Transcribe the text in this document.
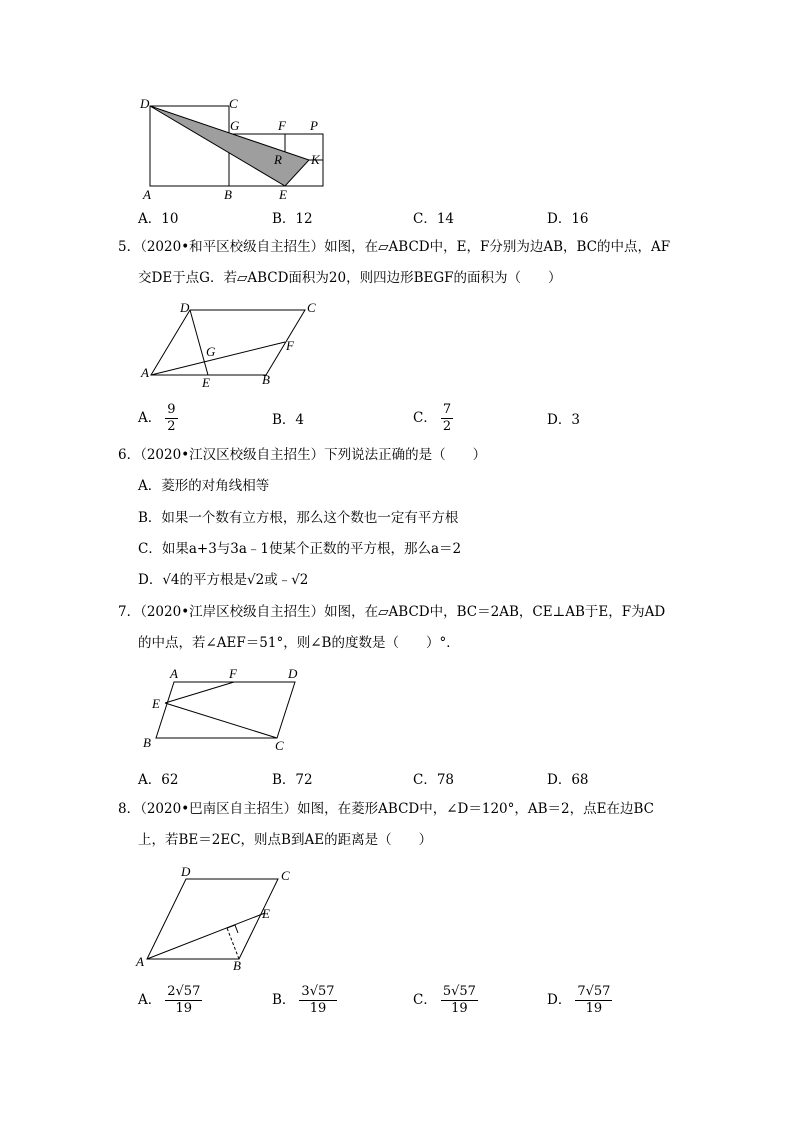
D	C
G	F P
R K
A	B	E
A．10	B．12	C．14	D．16
5．（2020•和平区校级自主招生）如图，在▱ABCD中，E，F分别为边AB，BC的中点，AF
交DE于点G．若▱ABCD面积为20，则四边形BEGF的面积为（　　）
D	C
G	F
A
E	B
A． $\frac{9}{2}$	B．4	C． $\frac{7}{2}$	D．3
6．（2020•江汉区校级自主招生）下列说法正确的是（　　）
A．菱形的对角线相等
B．如果一个数有立方根，那么这个数也一定有平方根
C．如果a+3与3a﹣1使某个正数的平方根，那么a＝2
D．√4的平方根是√2或﹣√2
7．（2020•江岸区校级自主招生）如图，在▱ABCD中，BC＝2AB，CE⊥AB于E，F为AD
的中点，若∠AEF＝51°，则∠B的度数是（　　）°．
A	F	D
E
B	C
A．62	B．72	C．78	D．68
8．（2020•巴南区自主招生）如图，在菱形ABCD中，∠D＝120°，AB＝2，点E在边BC
上，若BE＝2EC，则点B到AE的距离是（　　）
D	C
E
A	B
A． $\frac{2√57}{19}$	B． $\frac{3√57}{19}$	C． $\frac{5√57}{19}$	D． $\frac{7√57}{19}$
